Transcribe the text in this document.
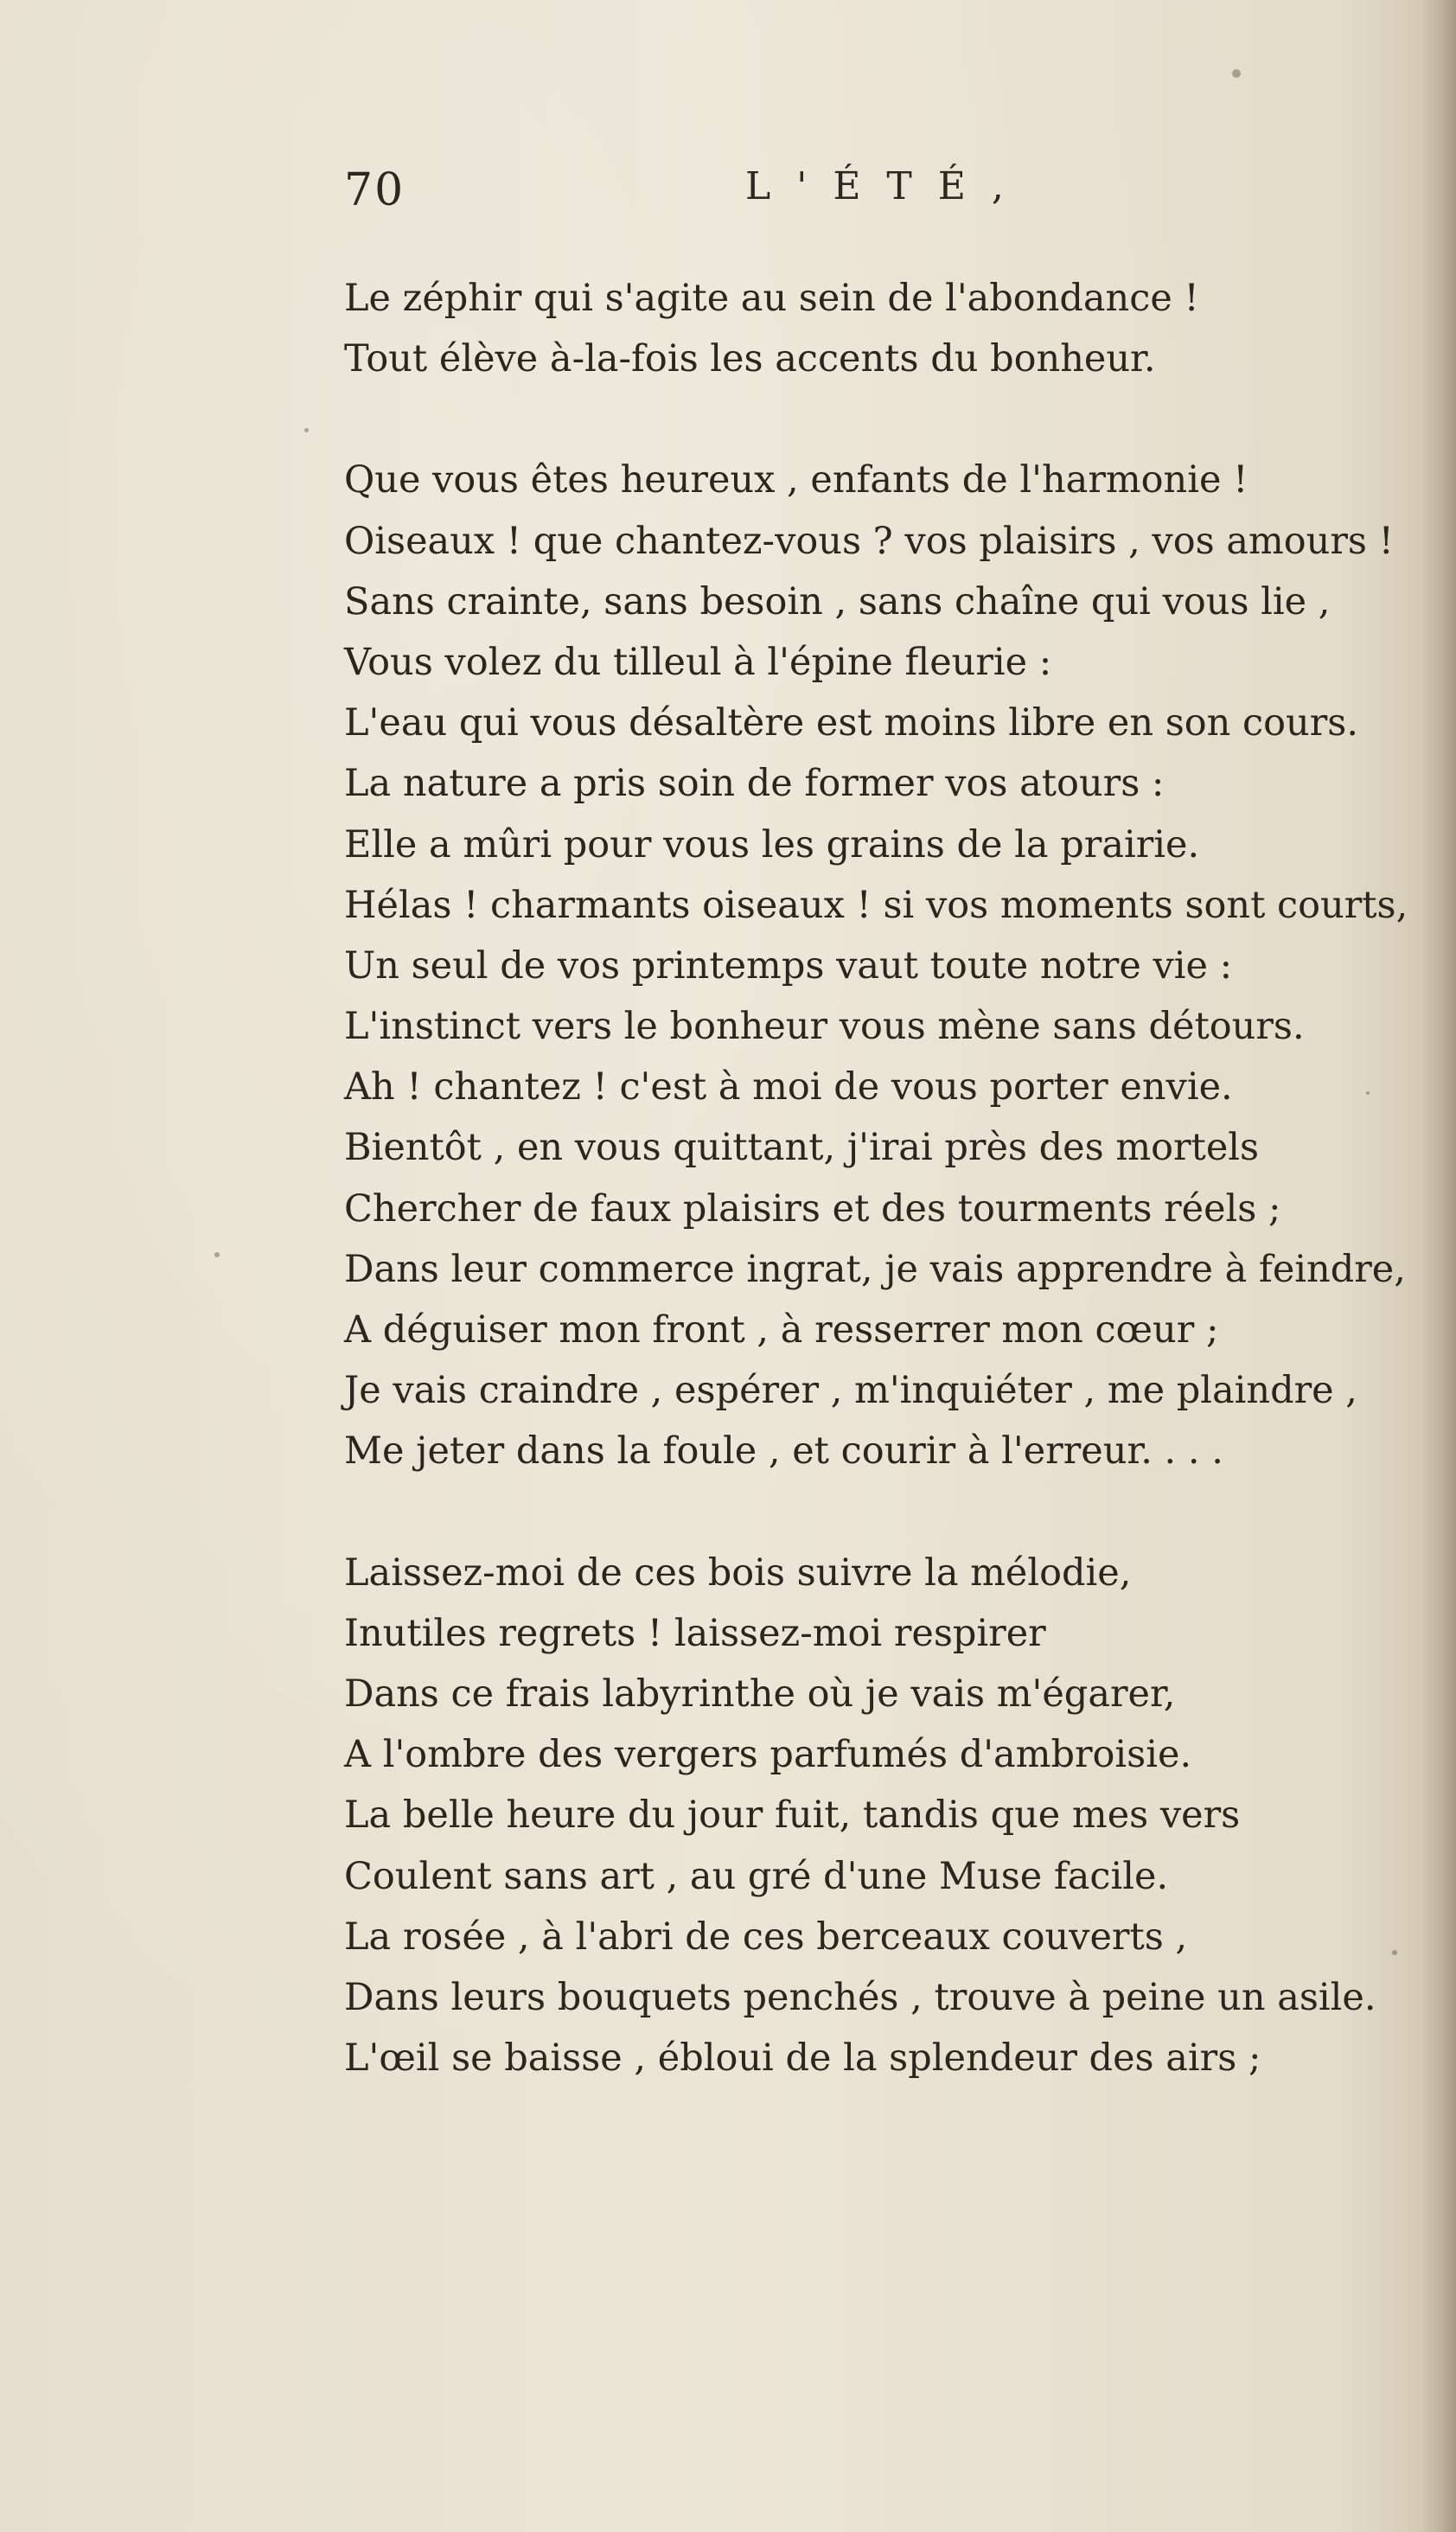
70	L'ÉTÉ,
Le zéphir qui s'agite au sein de l'abondance !
Tout élève à-la-fois les accents du bonheur.
Que vous êtes heureux , enfants de l'harmonie !
Oiseaux ! que chantez-vous ? vos plaisirs , vos amours !
Sans crainte, sans besoin , sans chaîne qui vous lie ,
Vous volez du tilleul à l'épine fleurie :
L'eau qui vous désaltère est moins libre en son cours.
La nature a pris soin de former vos atours :
Elle a mûri pour vous les grains de la prairie.
Hélas ! charmants oiseaux ! si vos moments sont courts,
Un seul de vos printemps vaut toute notre vie :
L'instinct vers le bonheur vous mène sans détours.
Ah ! chantez ! c'est à moi de vous porter envie.
Bientôt , en vous quittant, j'irai près des mortels
Chercher de faux plaisirs et des tourments réels ;
Dans leur commerce ingrat, je vais apprendre à feindre,
A déguiser mon front , à resserrer mon cœur ;
Je vais craindre , espérer , m'inquiéter , me plaindre ,
Me jeter dans la foule , et courir à l'erreur. . . .
Laissez-moi de ces bois suivre la mélodie,
Inutiles regrets ! laissez-moi respirer
Dans ce frais labyrinthe où je vais m'égarer,
A l'ombre des vergers parfumés d'ambroisie.
La belle heure du jour fuit, tandis que mes vers
Coulent sans art , au gré d'une Muse facile.
La rosée , à l'abri de ces berceaux couverts ,
Dans leurs bouquets penchés , trouve à peine un asile.
L'œil se baisse , ébloui de la splendeur des airs ;
